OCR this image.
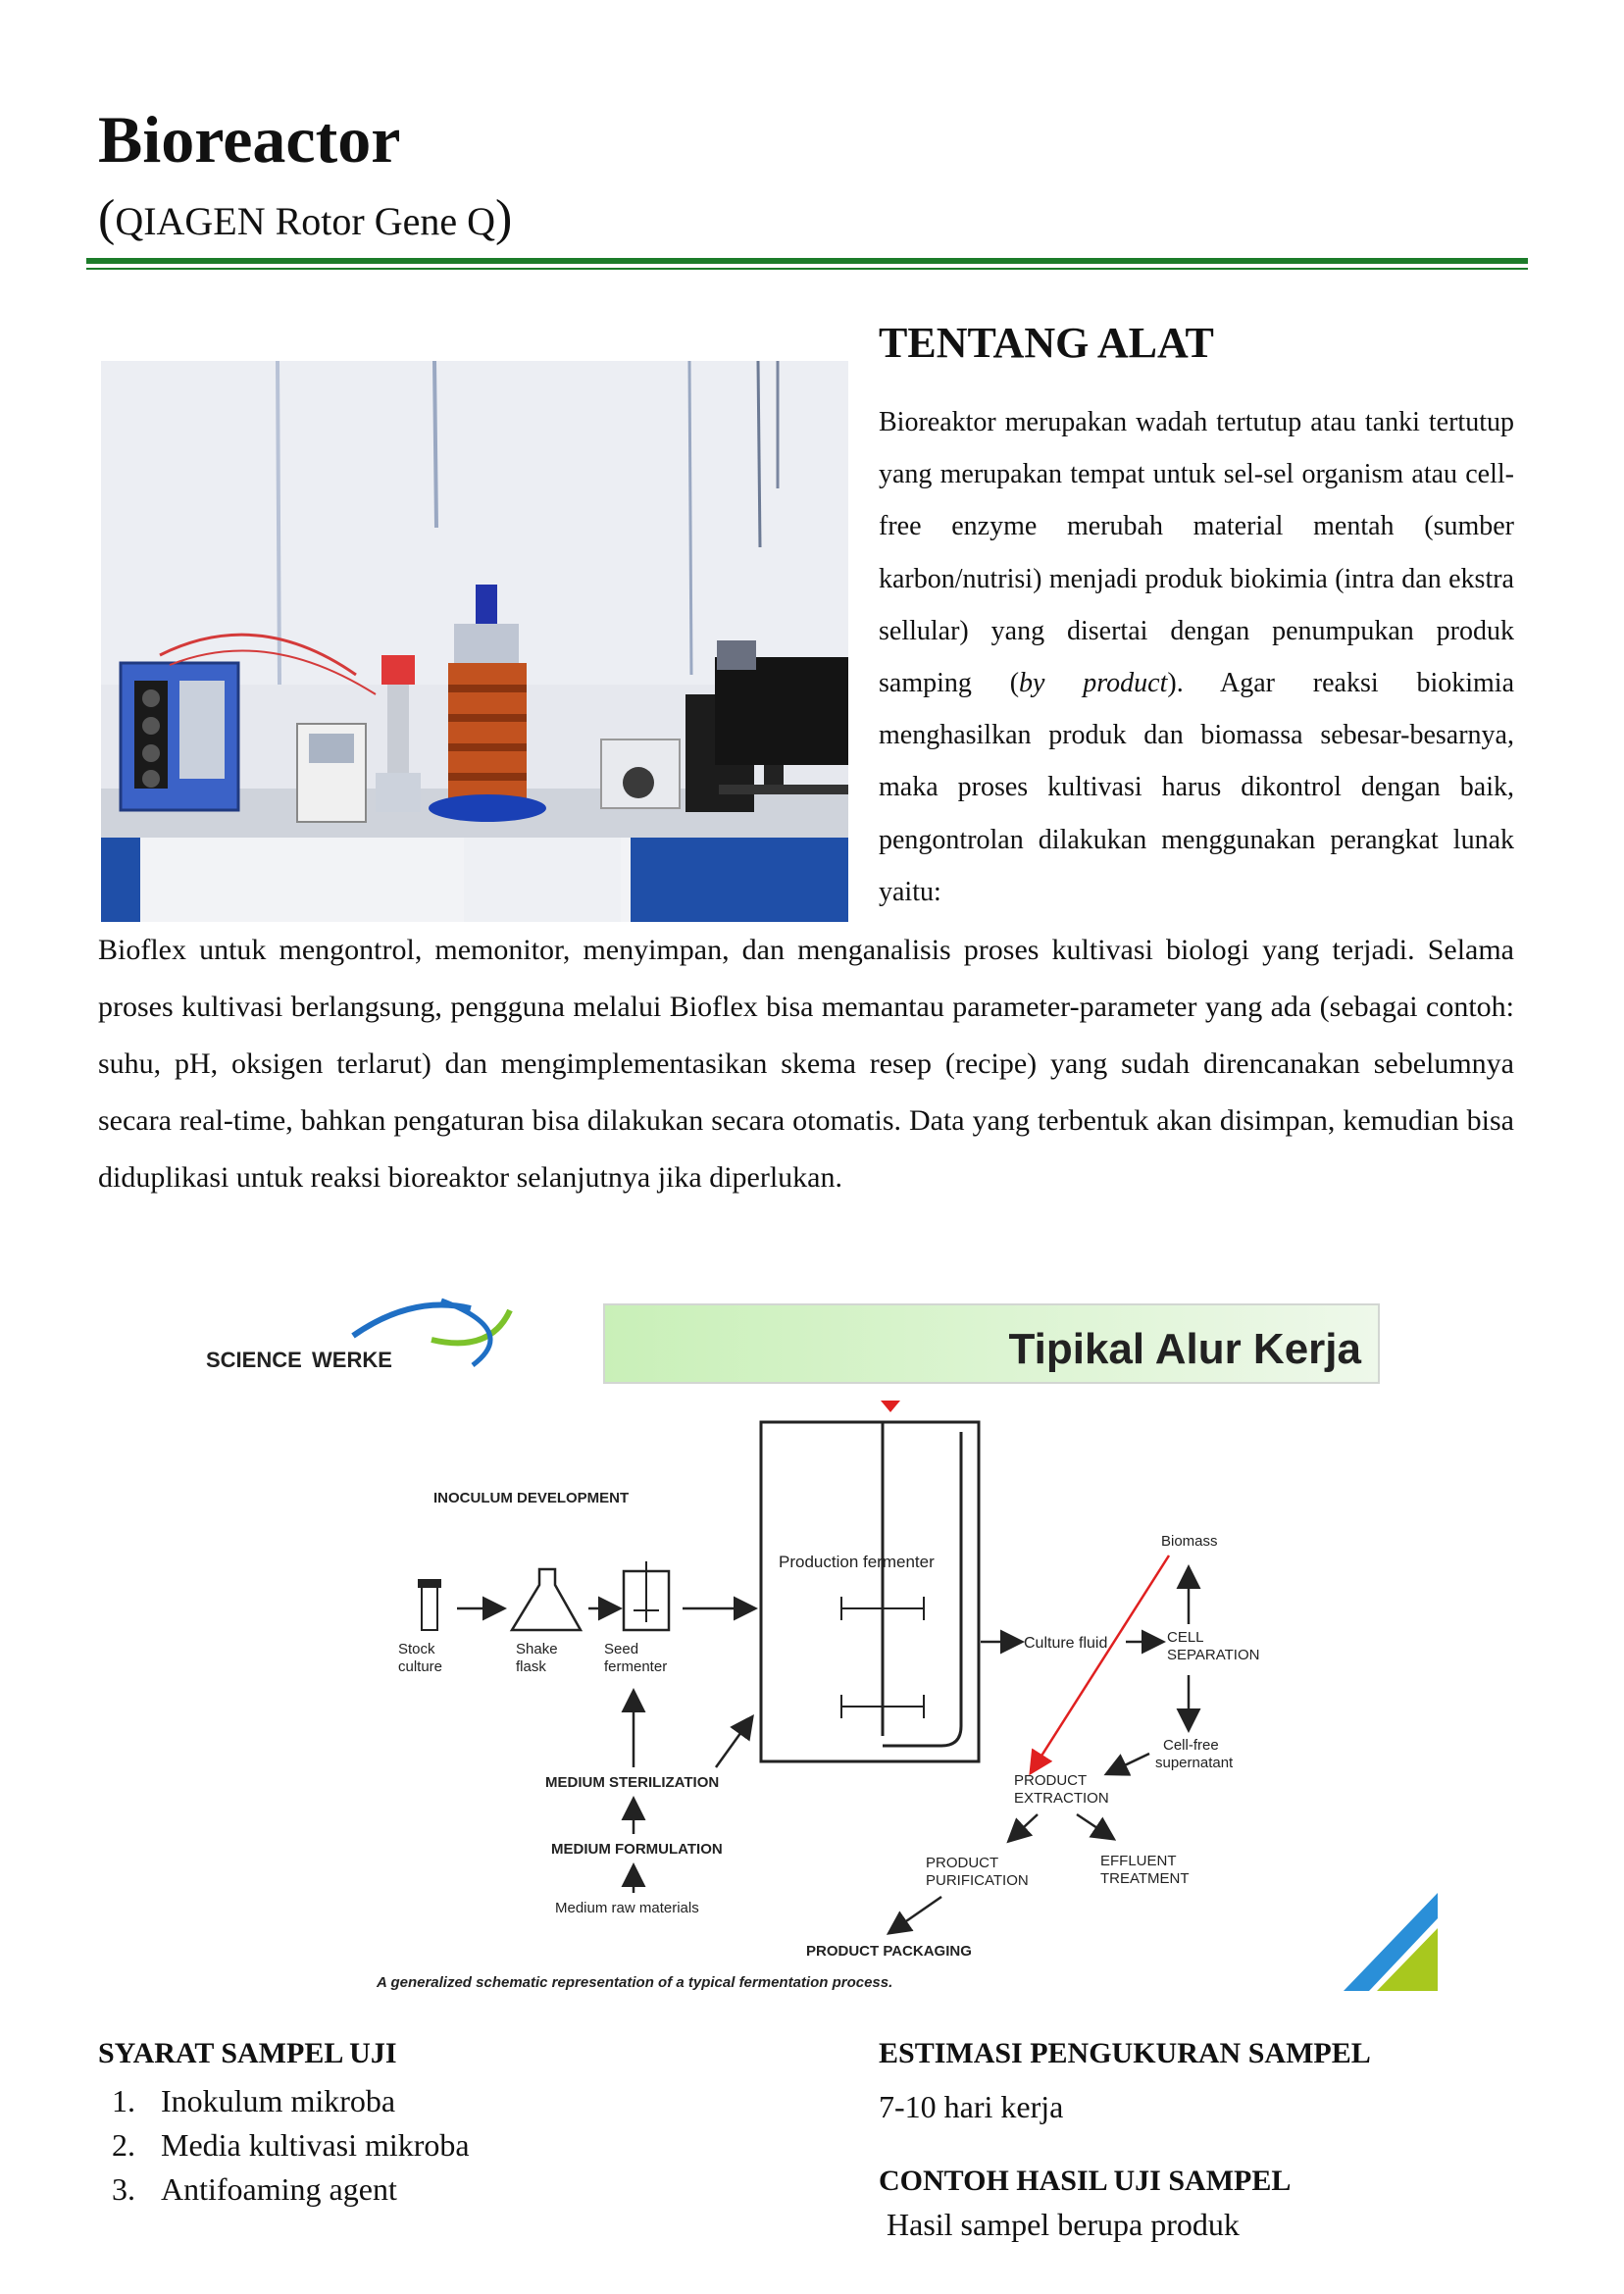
Bioreactor
(QIAGEN Rotor Gene Q)
TENTANG ALAT
Bioreaktor merupakan wadah tertutup atau tanki tertutup yang merupakan tempat untuk sel-sel organism atau cell-free enzyme merubah material mentah (sumber karbon/nutrisi) menjadi produk biokimia (intra dan ekstra sellular) yang disertai dengan penumpukan produk samping (by product). Agar reaksi biokimia menghasilkan produk dan biomassa sebesar-besarnya, maka proses kultivasi harus dikontrol dengan baik, pengontrolan dilakukan menggunakan perangkat lunak yaitu:
Bioflex untuk mengontrol, memonitor, menyimpan, dan menganalisis proses kultivasi biologi yang terjadi. Selama proses kultivasi berlangsung, pengguna melalui Bioflex bisa memantau parameter-parameter yang ada (sebagai contoh: suhu, pH, oksigen terlarut) dan mengimplementasikan skema resep (recipe) yang sudah direncanakan sebelumnya secara real-time, bahkan pengaturan bisa dilakukan secara otomatis. Data yang terbentuk akan disimpan, kemudian bisa diduplikasi untuk reaksi bioreaktor selanjutnya jika diperlukan.
SCIENCE WERKE	Tipikal Alur Kerja
Production fermenter
INOCULUM DEVELOPMENT
Stock
culture
Shake
flask
Seed
fermenter
MEDIUM STERILIZATION
MEDIUM FORMULATION
Medium raw materials
Culture fluid	CELL
SEPARATION
Biomass
Cell-free
supernatant
PRODUCT
EXTRACTION
PRODUCT
PURIFICATION
EFFLUENT
TREATMENT
PRODUCT PACKAGING
A generalized schematic representation of a typical fermentation process.
SYARAT SAMPEL UJI
1. Inokulum mikroba
2. Media kultivasi mikroba
3. Antifoaming agent
ESTIMASI PENGUKURAN SAMPEL
7-10 hari kerja
CONTOH HASIL UJI SAMPEL
Hasil sampel berupa produk
